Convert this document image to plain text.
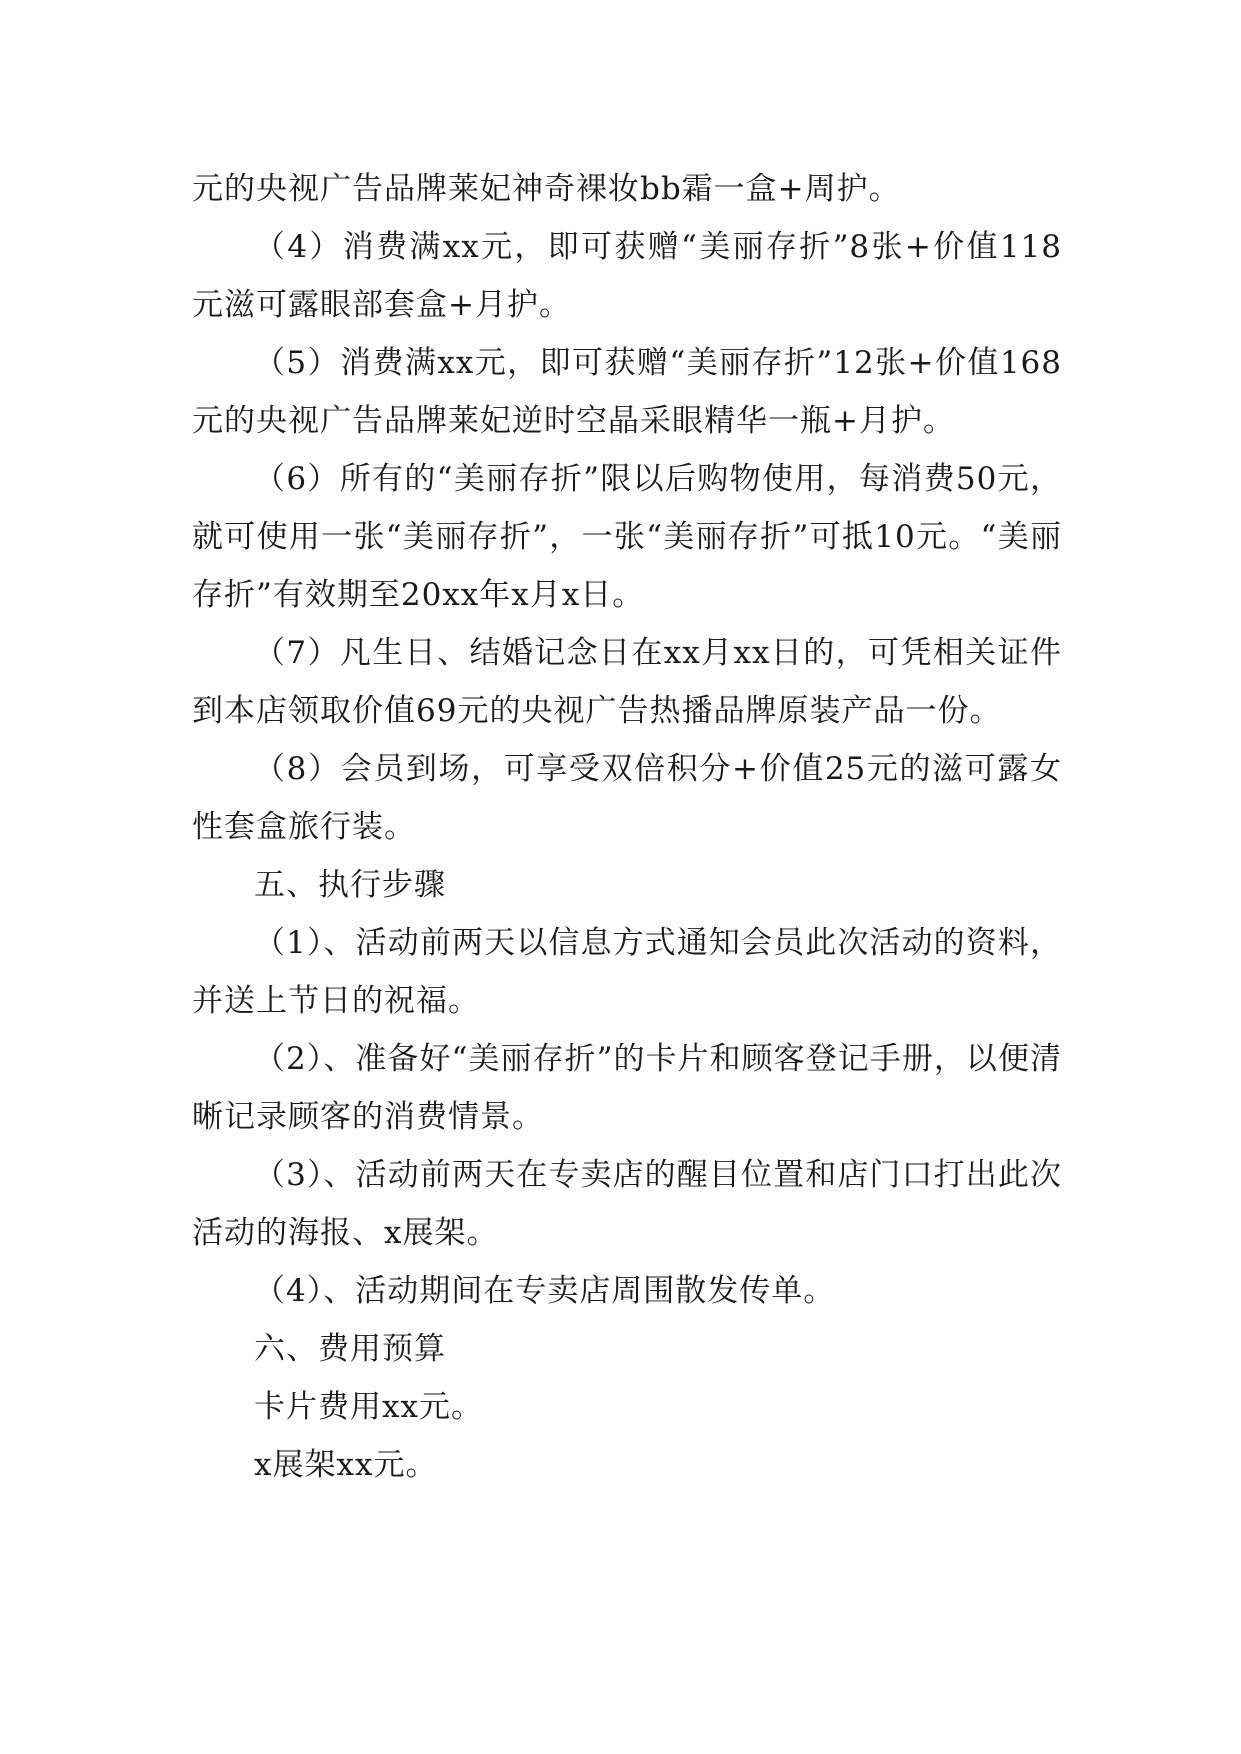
元的央视广告品牌莱妃神奇裸妆bb霜一盒+周护。

（4）消费满xx元，即可获赠“美丽存折”8张+价值118元滋可露眼部套盒+月护。

（5）消费满xx元，即可获赠“美丽存折”12张+价值168元的央视广告品牌莱妃逆时空晶采眼精华一瓶+月护。

（6）所有的“美丽存折”限以后购物使用，每消费50元，就可使用一张“美丽存折”，一张“美丽存折”可抵10元。“美丽存折”有效期至20xx年x月x日。

（7）凡生日、结婚记念日在xx月xx日的，可凭相关证件到本店领取价值69元的央视广告热播品牌原装产品一份。

（8）会员到场，可享受双倍积分+价值25元的滋可露女性套盒旅行装。

五、执行步骤

（1）、活动前两天以信息方式通知会员此次活动的资料，并送上节日的祝福。

（2）、准备好“美丽存折”的卡片和顾客登记手册，以便清晰记录顾客的消费情景。

（3）、活动前两天在专卖店的醒目位置和店门口打出此次活动的海报、x展架。

（4）、活动期间在专卖店周围散发传单。

六、费用预算

卡片费用xx元。

x展架xx元。
